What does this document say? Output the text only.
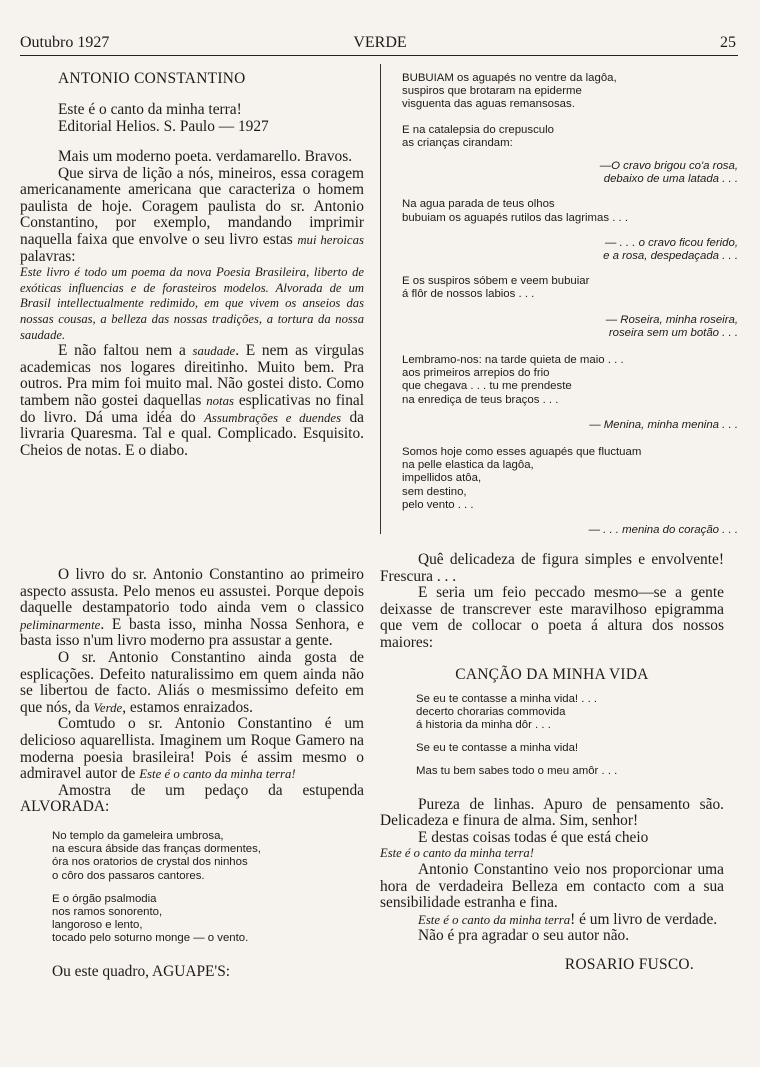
Outubro 1927	VERDE	25

ANTONIO CONSTANTINO

Este é o canto da minha terra!

Editorial Helios. S. Paulo — 1927

Mais um moderno poeta. verdamarello. Bravos.

Que sirva de lição a nós, mineiros, essa coragem americanamente americana que caracteriza o homem paulista de hoje. Coragem paulista do sr. Antonio Constantino, por exemplo, mandando imprimir naquella faixa que envolve o seu livro estas mui heroicas palavras:

Este livro é todo um poema da nova Poesia Brasileira, liberto de exóticas influencias e de forasteiros modelos. Alvorada de um Brasil intellectualmente redimido, em que vivem os anseios das nossas cousas, a belleza das nossas tradições, a tortura da nossa saudade.

E não faltou nem a saudade. E nem as virgulas academicas nos logares direitinho. Muito bem. Pra outros. Pra mim foi muito mal. Não gostei disto. Como tambem não gostei daquellas notas esplicativas no final do livro. Dá uma idéa do Assumbrações e duendes da livraria Quaresma. Tal e qual. Complicado. Esquisito. Cheios de notas. E o diabo.

O livro do sr. Antonio Constantino ao primeiro aspecto assusta. Pelo menos eu assustei. Porque depois daquelle destampatorio todo ainda vem o classico peliminarmente. E basta isso, minha Nossa Senhora, e basta isso n'um livro moderno pra assustar a gente.

O sr. Antonio Constantino ainda gosta de esplicações. Defeito naturalissimo em quem ainda não se libertou de facto. Aliás o mesmissimo defeito em que nós, da Verde, estamos enraizados.

Comtudo o sr. Antonio Constantino é um delicioso aquarellista. Imaginem um Roque Gamero na moderna poesia brasileira! Pois é assim mesmo o admiravel autor de Este é o canto da minha terra!

Amostra de um pedaço da estupenda ALVORADA:

No templo da gameleira umbrosa,

na escura ábside das franças dormentes,

óra nos oratorios de crystal dos ninhos

o côro dos passaros cantores.

E o órgão psalmodia

nos ramos sonorento,

langoroso e lento,

tocado pelo soturno monge — o vento.

Ou este quadro, AGUAPE'S:

BUBUIAM os aguapés no ventre da lagôa,

suspiros que brotaram na epiderme

visguenta das aguas remansosas.

E na catalepsia do crepusculo

as crianças cirandam:

—O cravo brigou co'a rosa,

debaixo de uma latada . . .

Na agua parada de teus olhos

bubuiam os aguapés rutilos das lagrimas . . .

— . . . o cravo ficou ferido,

e a rosa, despedaçada . . .

E os suspiros sóbem e veem bubuiar

á flôr de nossos labios . . .

— Roseira, minha roseira,

roseira sem um botão . . .

Lembramo-nos: na tarde quieta de maio . . .

aos primeiros arrepios do frio

que chegava . . . tu me prendeste

na enrediça de teus braços . . .

— Menina, minha menina . . .

Somos hoje como esses aguapés que fluctuam

na pelle elastica da lagôa,

impellidos atôa,

sem destino,

pelo vento . . .

— . . . menina do coração . . .

Quê delicadeza de figura simples e envolvente! Frescura . . .

E seria um feio peccado mesmo—se a gente deixasse de transcrever este maravilhoso epigramma que vem de collocar o poeta á altura dos nossos maiores:

CANÇÃO DA MINHA VIDA

Se eu te contasse a minha vida! . . .

decerto chorarias commovida

á historia da minha dôr . . .

Se eu te contasse a minha vida!

Mas tu bem sabes todo o meu amôr . . .

Pureza de linhas. Apuro de pensamento são. Delicadeza e finura de alma. Sim, senhor!

E destas coisas todas é que está cheio

Este é o canto da minha terra!

Antonio Constantino veio nos proporcionar uma hora de verdadeira Belleza em contacto com a sua sensibilidade estranha e fina.

Este é o canto da minha terra! é um livro de verdade.

Não é pra agradar o seu autor não.

ROSARIO FUSCO.
